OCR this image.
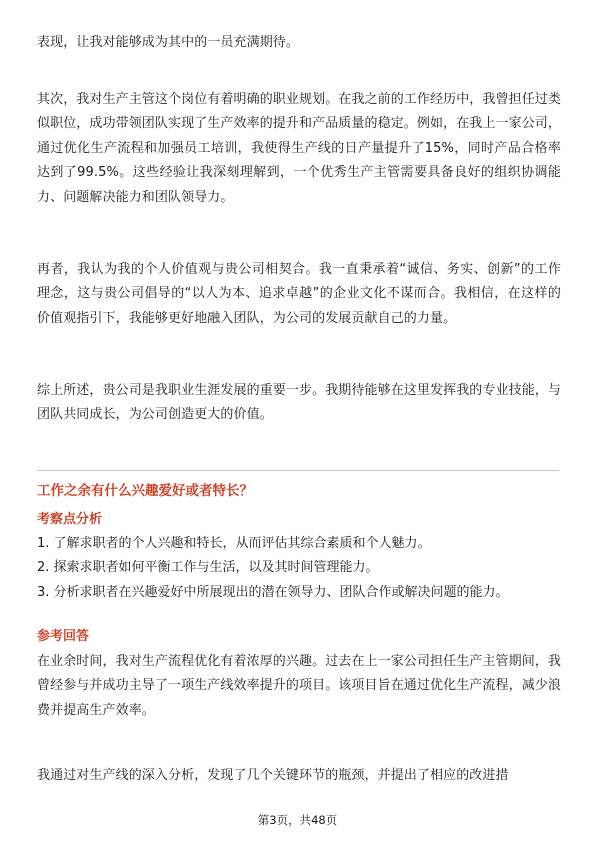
表现，让我对能够成为其中的一员充满期待。

其次，我对生产主管这个岗位有着明确的职业规划。在我之前的工作经历中，我曾担任过类似职位，成功带领团队实现了生产效率的提升和产品质量的稳定。例如，在我上一家公司，通过优化生产流程和加强员工培训，我使得生产线的日产量提升了15%，同时产品合格率达到了99.5%。这些经验让我深刻理解到，一个优秀生产主管需要具备良好的组织协调能力、问题解决能力和团队领导力。

再者，我认为我的个人价值观与贵公司相契合。我一直秉承着“诚信、务实、创新”的工作理念，这与贵公司倡导的“以人为本、追求卓越”的企业文化不谋而合。我相信，在这样的价值观指引下，我能够更好地融入团队，为公司的发展贡献自己的力量。

综上所述，贵公司是我职业生涯发展的重要一步。我期待能够在这里发挥我的专业技能，与团队共同成长，为公司创造更大的价值。

工作之余有什么兴趣爱好或者特长？

考察点分析

1. 了解求职者的个人兴趣和特长，从而评估其综合素质和个人魅力。
2. 探索求职者如何平衡工作与生活，以及其时间管理能力。
3. 分析求职者在兴趣爱好中所展现出的潜在领导力、团队合作或解决问题的能力。

参考回答

在业余时间，我对生产流程优化有着浓厚的兴趣。过去在上一家公司担任生产主管期间，我曾经参与并成功主导了一项生产线效率提升的项目。该项目旨在通过优化生产流程，减少浪费并提高生产效率。

我通过对生产线的深入分析，发现了几个关键环节的瓶颈，并提出了相应的改进措

第3页，共48页
